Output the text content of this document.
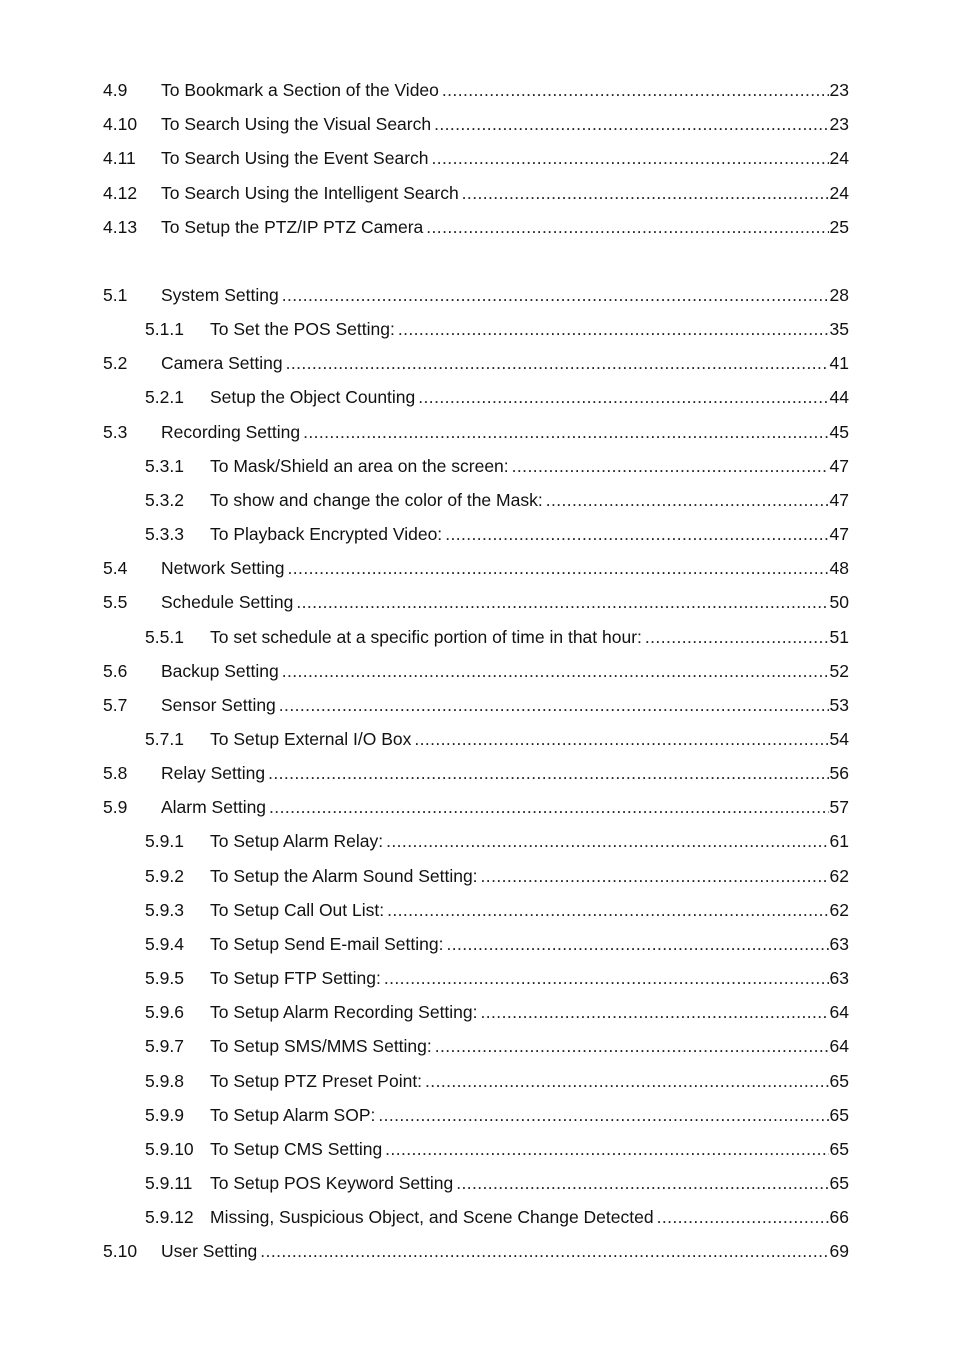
4.9	To Bookmark a Section of the Video .....	23
4.10	To Search Using the Visual Search .....	23
4.11	To Search Using the Event Search .....	24
4.12	To Search Using the Intelligent Search .....	24
4.13	To Setup the PTZ/IP PTZ Camera .....	25
5.1	System Setting .....	28
5.1.1	To Set the POS Setting: .....	35
5.2	Camera Setting .....	41
5.2.1	Setup the Object Counting .....	44
5.3	Recording Setting .....	45
5.3.1	To Mask/Shield an area on the screen: .....	47
5.3.2	To show and change the color of the Mask: .....	47
5.3.3	To Playback Encrypted Video: .....	47
5.4	Network Setting .....	48
5.5	Schedule Setting .....	50
5.5.1	To set schedule at a specific portion of time in that hour: .....	51
5.6	Backup Setting .....	52
5.7	Sensor Setting .....	53
5.7.1	To Setup External I/O Box .....	54
5.8	Relay Setting .....	56
5.9	Alarm Setting .....	57
5.9.1	To Setup Alarm Relay: .....	61
5.9.2	To Setup the Alarm Sound Setting: .....	62
5.9.3	To Setup Call Out List: .....	62
5.9.4	To Setup Send E-mail Setting: .....	63
5.9.5	To Setup FTP Setting: .....	63
5.9.6	To Setup Alarm Recording Setting: .....	64
5.9.7	To Setup SMS/MMS Setting: .....	64
5.9.8	To Setup PTZ Preset Point: .....	65
5.9.9	To Setup Alarm SOP: .....	65
5.9.10 To Setup CMS Setting .....	65
5.9.11	To Setup POS Keyword Setting .....	65
5.9.12 Missing, Suspicious Object, and Scene Change Detected .....	66
5.10	User Setting .....	69
